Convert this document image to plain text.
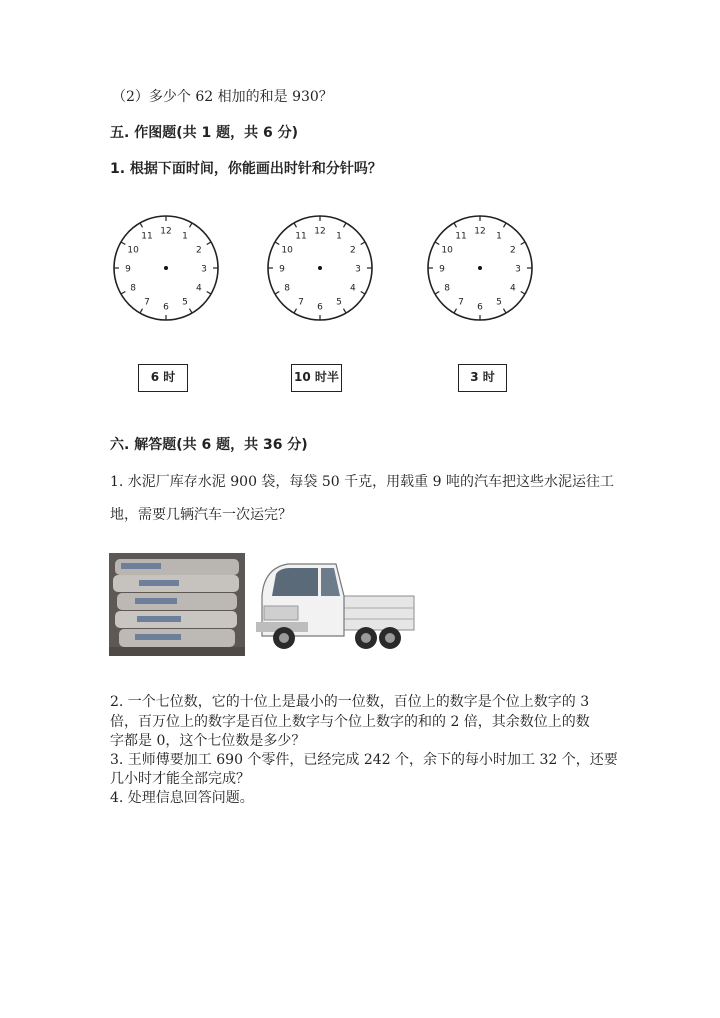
（2）多少个 62 相加的和是 930？
五. 作图题(共 1 题，共 6 分)
1. 根据下面时间，你能画出时针和分针吗？
12
1
2
3
4
5
6
7
8
9
10
11
12
1
2
3
4
5
6
7
8
9
10
11
12
1
2
3
4
5
6
7
8
9
10
11
6 时	10 时半	3 时
六. 解答题(共 6 题，共 36 分)
1. 水泥厂库存水泥 900 袋，每袋 50 千克，用载重 9 吨的汽车把这些水泥运往工
地，需要几辆汽车一次运完？
2. 一个七位数，它的十位上是最小的一位数，百位上的数字是个位上数字的 3
倍，百万位上的数字是百位上数字与个位上数字的和的 2 倍，其余数位上的数
字都是 0，这个七位数是多少？
3. 王师傅要加工 690 个零件，已经完成 242 个，余下的每小时加工 32 个，还要
几小时才能全部完成？
4. 处理信息回答问题。
